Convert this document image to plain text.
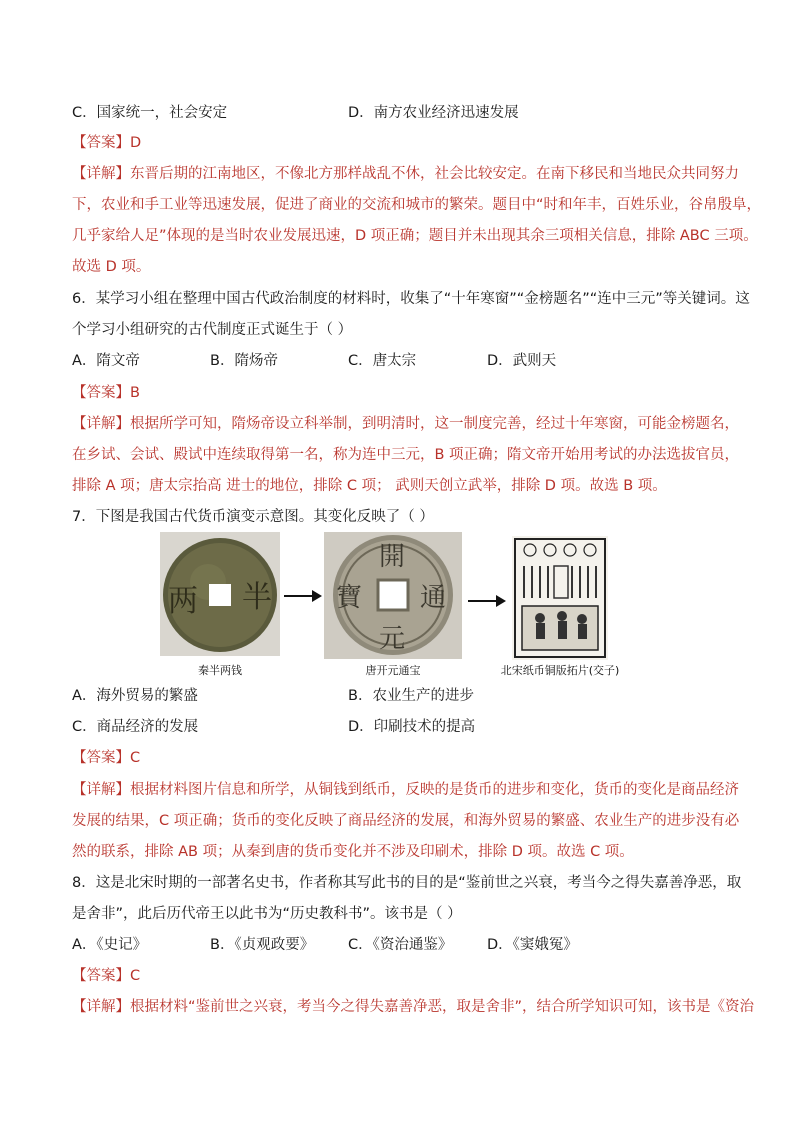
C．国家统一，社会安定	D．南方农业经济迅速发展
【答案】D
【详解】东晋后期的江南地区，不像北方那样战乱不休，社会比较安定。在南下移民和当地民众共同努力
下，农业和手工业等迅速发展，促进了商业的交流和城市的繁荣。题目中“时和年丰，百姓乐业，谷帛殷阜，
几乎家给人足”体现的是当时农业发展迅速，D 项正确；题目并未出现其余三项相关信息，排除 ABC 三项。
故选 D 项。
6．某学习小组在整理中国古代政治制度的材料时，收集了“十年寒窗”“金榜题名”“连中三元”等关键词。这
个学习小组研究的古代制度正式诞生于（ ）
A．隋文帝	B．隋炀帝	C．唐太宗	D．武则天
【答案】B
【详解】根据所学可知，隋炀帝设立科举制，到明清时，这一制度完善，经过十年寒窗，可能金榜题名，
在乡试、会试、殿试中连续取得第一名，称为连中三元，B 项正确；隋文帝开始用考试的办法选拔官员，
排除 A 项；唐太宗抬高 进士的地位，排除 C 项； 武则天创立武举，排除 D 项。故选 B 项。
7．下图是我国古代货币演变示意图。其变化反映了（ ）
半
两
開
元
通
寶
秦半两钱	唐开元通宝	北宋纸币铜版拓片(交子)
A．海外贸易的繁盛	B．农业生产的进步
C．商品经济的发展	D．印刷技术的提高
【答案】C
【详解】根据材料图片信息和所学，从铜钱到纸币，反映的是货币的进步和变化，货币的变化是商品经济
发展的结果，C 项正确；货币的变化反映了商品经济的发展，和海外贸易的繁盛、农业生产的进步没有必
然的联系，排除 AB 项；从秦到唐的货币变化并不涉及印刷术，排除 D 项。故选 C 项。
8．这是北宋时期的一部著名史书，作者称其写此书的目的是“鉴前世之兴衰，考当今之得失嘉善净恶，取
是舍非”，此后历代帝王以此书为“历史教科书”。该书是（ ）
A．《史记》	B．《贞观政要》 C．《资治通鉴》 D．《窦娥冤》
【答案】C
【详解】根据材料“鉴前世之兴衰，考当今之得失嘉善净恶，取是舍非”，结合所学知识可知，该书是《资治
